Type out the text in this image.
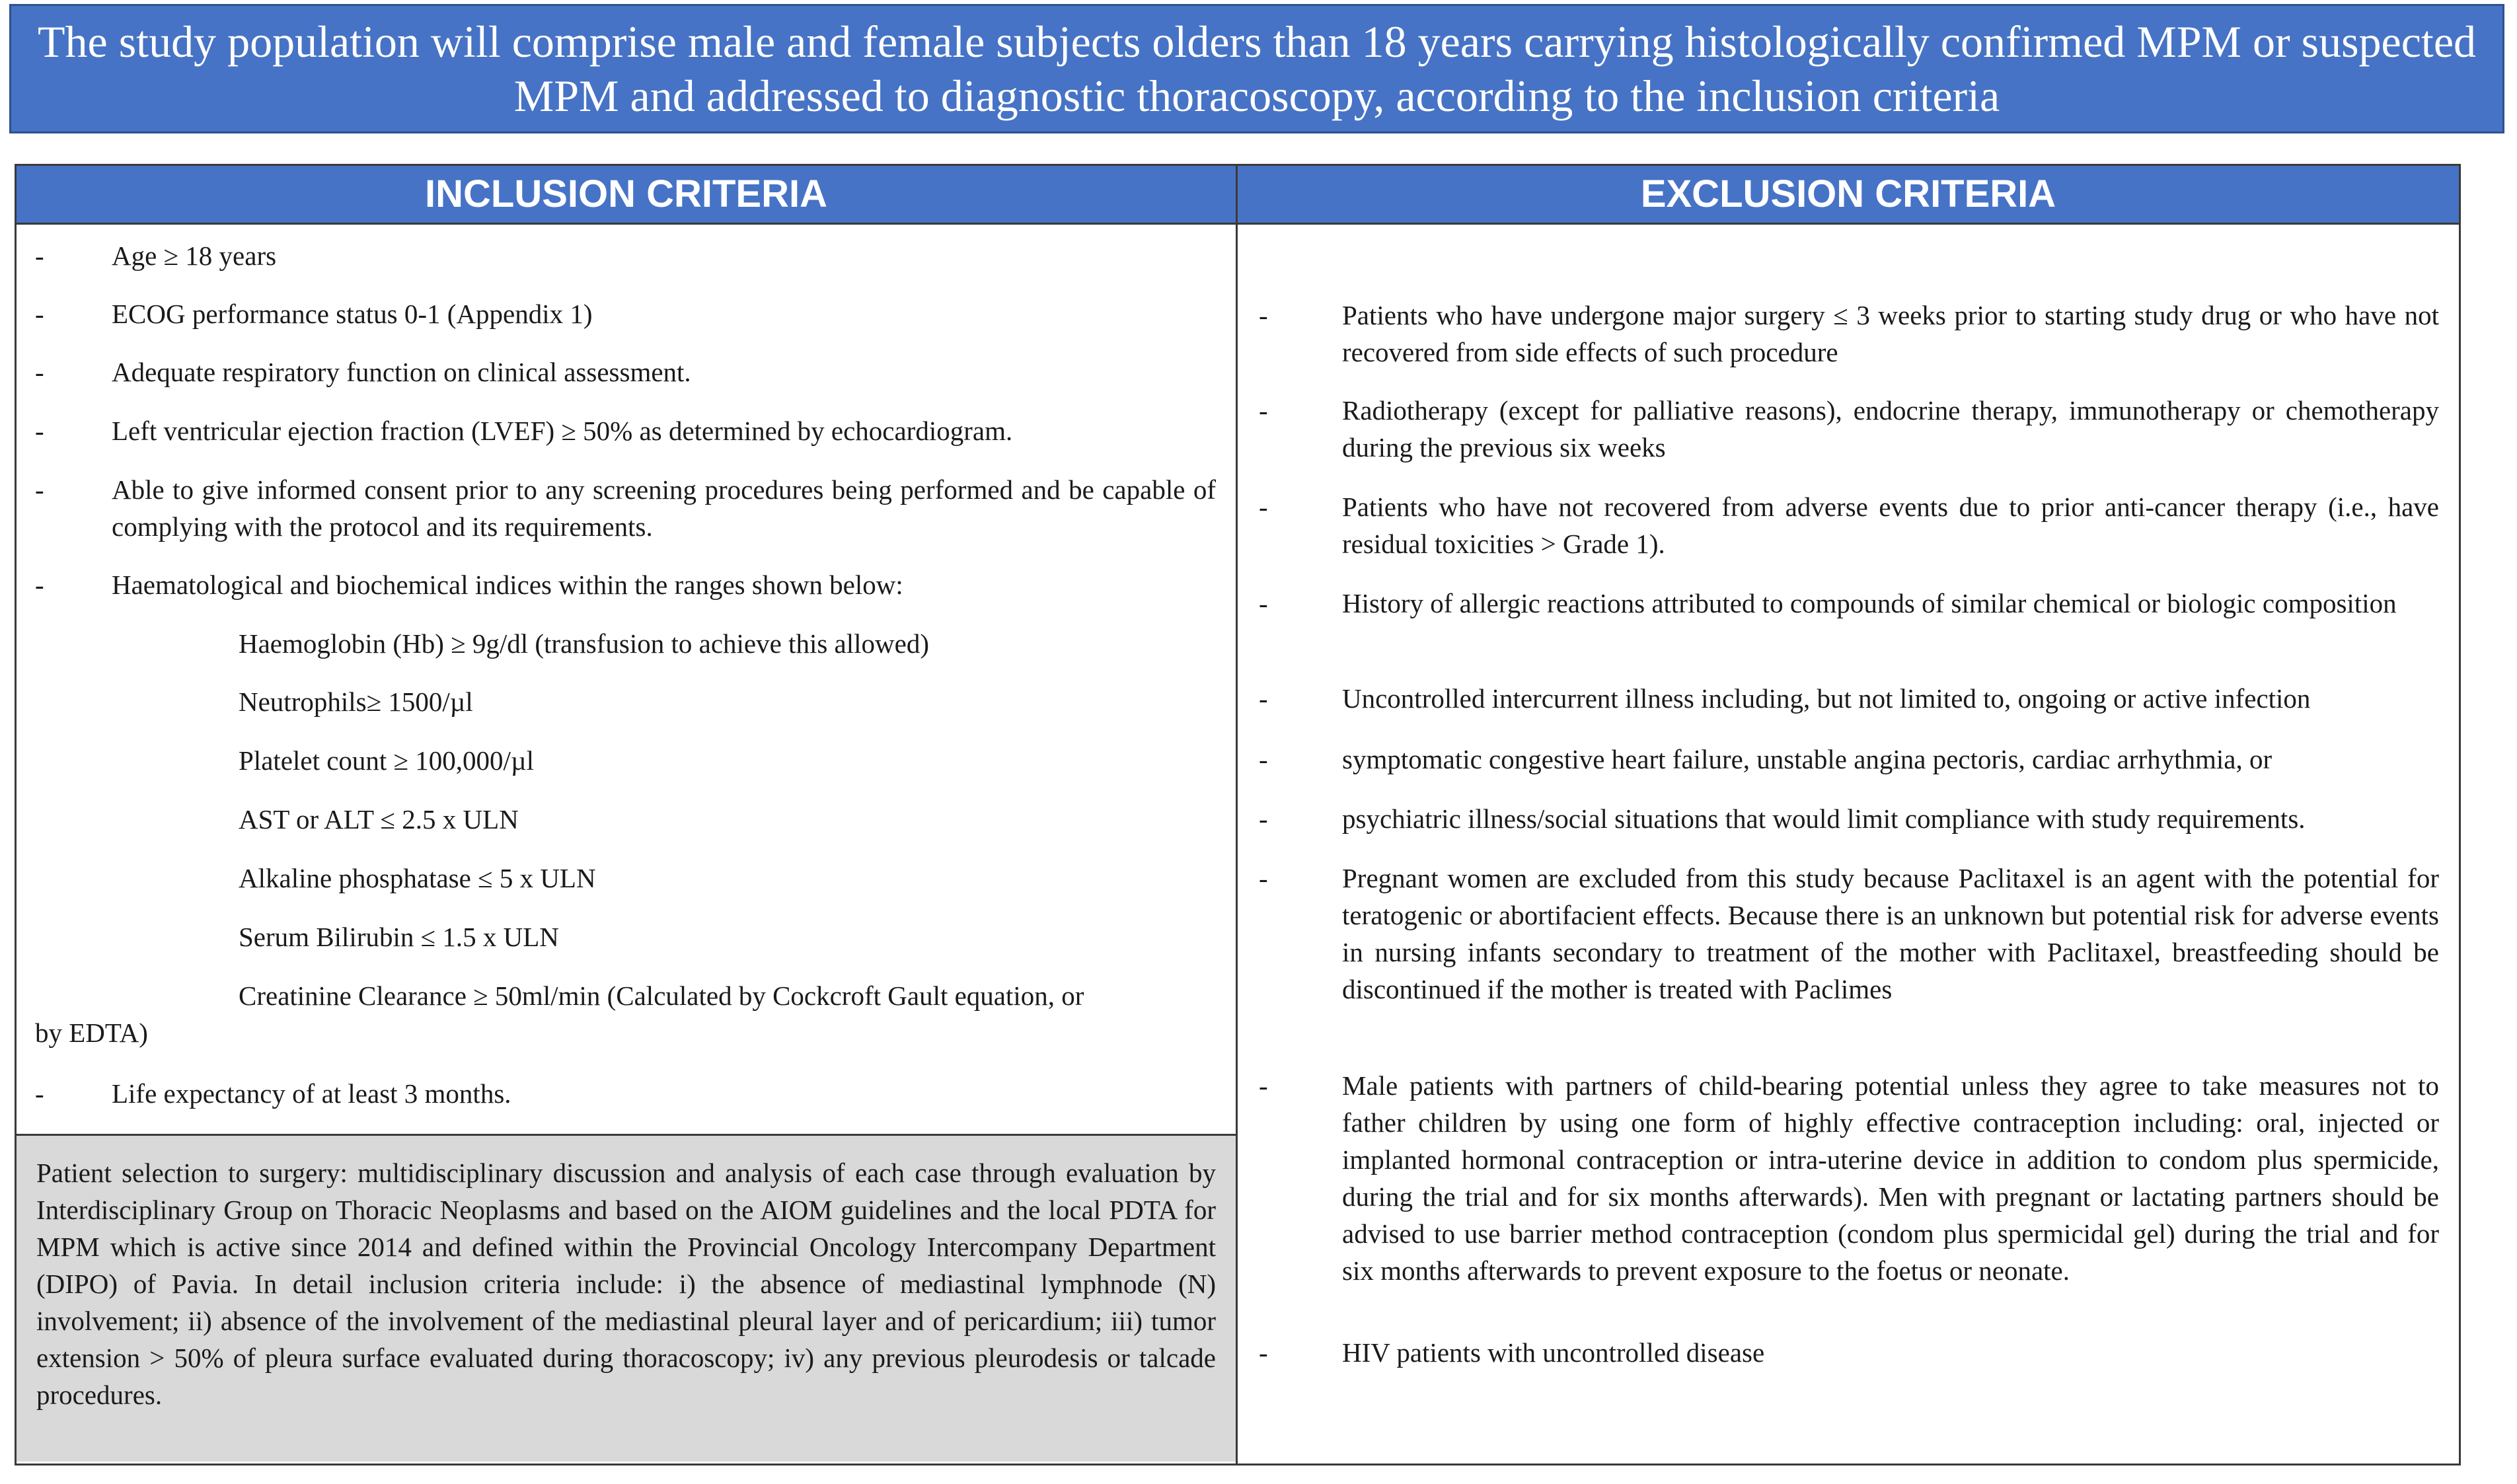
The study population will comprise male and female subjects olders than 18 years carrying histologically confirmed MPM or suspected MPM and addressed to diagnostic thoracoscopy, according to the inclusion criteria
INCLUSION CRITERIA
- Age ≥ 18 years
- ECOG performance status 0-1 (Appendix 1)
- Adequate respiratory function on clinical assessment.
- Left ventricular ejection fraction (LVEF) ≥ 50% as determined by echocardiogram.
- Able to give informed consent prior to any screening procedures being performed and be capable of complying with the protocol and its requirements.
- Haematological and biochemical indices within the ranges shown below:
Haemoglobin (Hb) ≥ 9g/dl (transfusion to achieve this allowed)
Neutrophils≥ 1500/µl
Platelet count ≥ 100,000/µl
AST or ALT ≤ 2.5 x ULN
Alkaline phosphatase ≤ 5 x ULN
Serum Bilirubin ≤ 1.5 x ULN
Creatinine Clearance ≥ 50ml/min (Calculated by Cockcroft Gault equation, or
by EDTA)
- Life expectancy of at least 3 months.
Patient selection to surgery: multidisciplinary discussion and analysis of each case through evaluation by Interdisciplinary Group on Thoracic Neoplasms and based on the AIOM guidelines and the local PDTA for MPM which is active since 2014 and defined within the Provincial Oncology Intercompany Department (DIPO) of Pavia. In detail inclusion criteria include: i) the absence of mediastinal lymphnode (N) involvement; ii) absence of the involvement of the mediastinal pleural layer and of pericardium; iii) tumor extension > 50% of pleura surface evaluated during thoracoscopy; iv) any previous pleurodesis or talcade procedures.
EXCLUSION CRITERIA
-	Patients who have undergone major surgery ≤ 3 weeks prior to starting study drug or who have not recovered from side effects of such procedure
-	Radiotherapy (except for palliative reasons), endocrine therapy, immunotherapy or chemotherapy during the previous six weeks
-	Patients who have not recovered from adverse events due to prior anti-cancer therapy (i.e., have residual toxicities > Grade 1).
-	History of allergic reactions attributed to compounds of similar chemical or biologic composition
-	Uncontrolled intercurrent illness including, but not limited to, ongoing or active infection
-	symptomatic congestive heart failure, unstable angina pectoris, cardiac arrhythmia, or
-	psychiatric illness/social situations that would limit compliance with study requirements.
-	Pregnant women are excluded from this study because Paclitaxel is an agent with the potential for teratogenic or abortifacient effects. Because there is an unknown but potential risk for adverse events in nursing infants secondary to treatment of the mother with Paclitaxel, breastfeeding should be discontinued if the mother is treated with Paclimes
-	Male patients with partners of child-bearing potential unless they agree to take measures not to father children by using one form of highly effective contraception including: oral, injected or implanted hormonal contraception or intra-uterine device in addition to condom plus spermicide, during the trial and for six months afterwards). Men with pregnant or lactating partners should be advised to use barrier method contraception (condom plus spermicidal gel) during the trial and for six months afterwards to prevent exposure to the foetus or neonate.
-	HIV patients with uncontrolled disease
